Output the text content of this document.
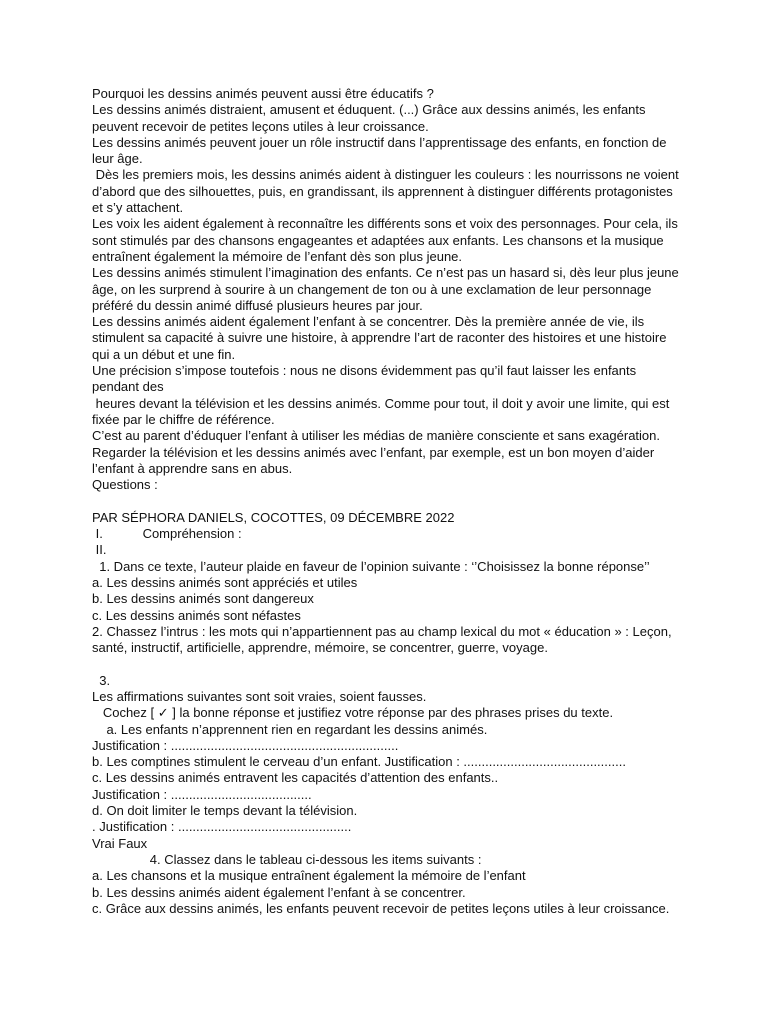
Pourquoi les dessins animés peuvent aussi être éducatifs ?
Les dessins animés distraient, amusent et éduquent. (...) Grâce aux dessins animés, les enfants
peuvent recevoir de petites leçons utiles à leur croissance.
Les dessins animés peuvent jouer un rôle instructif dans l’apprentissage des enfants, en fonction de
leur âge.
Dès les premiers mois, les dessins animés aident à distinguer les couleurs : les nourrissons ne voient
d’abord que des silhouettes, puis, en grandissant, ils apprennent à distinguer différents protagonistes
et s’y attachent.
Les voix les aident également à reconnaître les différents sons et voix des personnages. Pour cela, ils
sont stimulés par des chansons engageantes et adaptées aux enfants. Les chansons et la musique
entraînent également la mémoire de l’enfant dès son plus jeune.
Les dessins animés stimulent l’imagination des enfants. Ce n’est pas un hasard si, dès leur plus jeune
âge, on les surprend à sourire à un changement de ton ou à une exclamation de leur personnage
préféré du dessin animé diffusé plusieurs heures par jour.
Les dessins animés aident également l’enfant à se concentrer. Dès la première année de vie, ils
stimulent sa capacité à suivre une histoire, à apprendre l’art de raconter des histoires et une histoire
qui a un début et une fin.
Une précision s’impose toutefois : nous ne disons évidemment pas qu’il faut laisser les enfants
pendant des
heures devant la télévision et les dessins animés. Comme pour tout, il doit y avoir une limite, qui est
fixée par le chiffre de référence.
C’est au parent d’éduquer l’enfant à utiliser les médias de manière consciente et sans exagération.
Regarder la télévision et les dessins animés avec l’enfant, par exemple, est un bon moyen d’aider
l’enfant à apprendre sans en abus.
Questions :
PAR SÉPHORA DANIELS, COCOTTES, 09 DÉCEMBRE 2022
I.           Compréhension :
II.
1. Dans ce texte, l’auteur plaide en faveur de l’opinion suivante : ‘’Choisissez la bonne réponse’’
a. Les dessins animés sont appréciés et utiles
b. Les dessins animés sont dangereux
c. Les dessins animés sont néfastes
2. Chassez l’intrus : les mots qui n’appartiennent pas au champ lexical du mot « éducation » : Leçon,
santé, instructif, artificielle, apprendre, mémoire, se concentrer, guerre, voyage.
3.
Les affirmations suivantes sont soit vraies, soient fausses.
Cochez [ ✓ ] la bonne réponse et justifiez votre réponse par des phrases prises du texte.
a. Les enfants n’apprennent rien en regardant les dessins animés.
Justification : ...............................................................
b. Les comptines stimulent le cerveau d’un enfant. Justification : .............................................
c. Les dessins animés entravent les capacités d’attention des enfants..
Justification : .......................................
d. On doit limiter le temps devant la télévision.
. Justification : ................................................
Vrai Faux
4. Classez dans le tableau ci-dessous les items suivants :
a. Les chansons et la musique entraînent également la mémoire de l’enfant
b. Les dessins animés aident également l’enfant à se concentrer.
c. Grâce aux dessins animés, les enfants peuvent recevoir de petites leçons utiles à leur croissance.
